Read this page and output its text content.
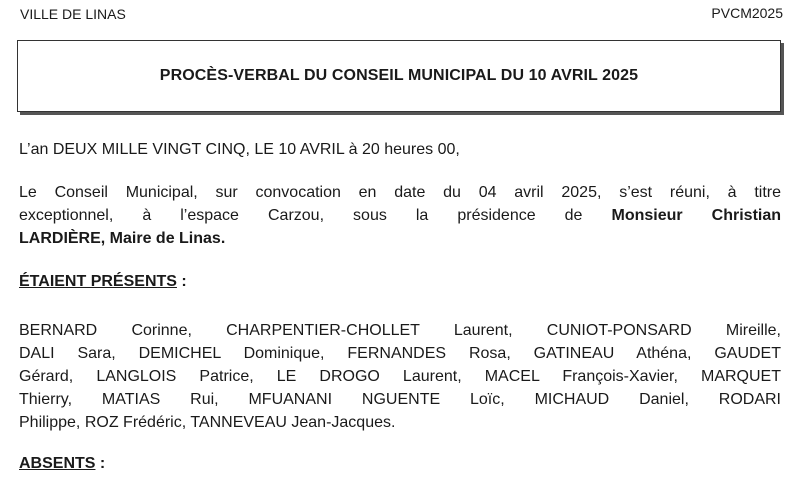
VILLE DE LINAS	PVCM2025
PROCÈS-VERBAL DU CONSEIL MUNICIPAL DU 10 AVRIL 2025

L’an DEUX MILLE VINGT CINQ, LE 10 AVRIL à 20 heures 00,

Le Conseil Municipal, sur convocation en date du 04 avril 2025, s’est réuni, à titre
exceptionnel, à l’espace Carzou, sous la présidence de Monsieur Christian
LARDIÈRE, Maire de Linas.

ÉTAIENT PRÉSENTS :
BERNARD Corinne, CHARPENTIER-CHOLLET Laurent, CUNIOT-PONSARD Mireille,
DALI Sara, DEMICHEL Dominique, FERNANDES Rosa, GATINEAU Athéna, GAUDET
Gérard, LANGLOIS Patrice, LE DROGO Laurent, MACEL François-Xavier, MARQUET
Thierry, MATIAS Rui, MFUANANI NGUENTE Loïc, MICHAUD Daniel, RODARI
Philippe, ROZ Frédéric, TANNEVEAU Jean-Jacques.
ABSENTS :
